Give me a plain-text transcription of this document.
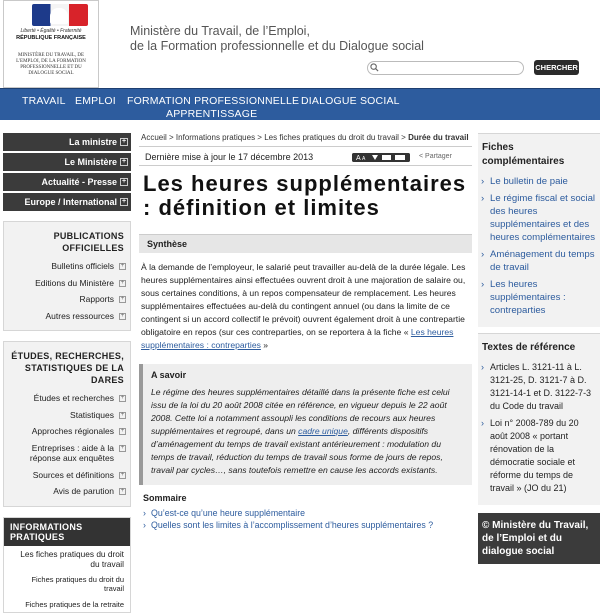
Liberté • Égalité • Fraternité
RÉPUBLIQUE FRANÇAISE
MINISTÈRE DU TRAVAIL, DE L'EMPLOI, DE LA FORMATION PROFESSIONNELLE ET DU DIALOGUE SOCIAL
Ministère du Travail, de l’Emploi,
de la Formation professionnelle et du Dialogue social
CHERCHER
TRAVAIL EMPLOI FORMATION PROFESSIONNELLE DIALOGUE SOCIAL
APPRENTISSAGE
La ministre +
Le Ministère +
Actualité - Presse +
Europe / International +
PUBLICATIONS OFFICIELLES
Bulletins officiels +
Editions du Ministère +
Rapports +
Autres ressources +
ÉTUDES, RECHERCHES, STATISTIQUES DE LA DARES
Études et recherches +
Statistiques +
Approches régionales +
Entreprises : aide à la réponse aux enquêtes
+
Sources et définitions +
Avis de parution +
INFORMATIONS PRATIQUES
Les fiches pratiques du droit du travail
Fiches pratiques du droit du travail
Fiches pratiques de la retraite
Accueil > Informations pratiques > Les fiches pratiques du droit du travail > Durée du travail
Dernière mise à jour le 17 décembre 2013	A A	< Partager
Les heures supplémentaires : définition et limites
Synthèse
À la demande de l’employeur, le salarié peut travailler au-delà de la durée légale. Les heures supplémentaires ainsi effectuées ouvrent droit à une majoration de salaire ou, sous certaines conditions, à un repos compensateur de remplacement. Les heures supplémentaires effectuées au-delà du contingent annuel (ou dans la limite de ce contingent si un accord collectif le prévoit) ouvrent également droit à une contrepartie obligatoire en repos (sur ces contreparties, on se reportera à la fiche « Les heures supplémentaires : contreparties »
A savoir
Le régime des heures supplémentaires détaillé dans la présente fiche est celui issu de la loi du 20 août 2008 citée en référence, en vigueur depuis le 22 août 2008. Cette loi a notamment assoupli les conditions de recours aux heures supplémentaires et regroupé, dans un cadre unique, différents dispositifs d’aménagement du temps de travail existant antérieurement : modulation du temps de travail, réduction du temps de travail sous forme de jours de repos, travail par cycles…, sans toutefois remettre en cause les accords existants.
Sommaire
› Qu’est-ce qu’une heure supplémentaire
› Quelles sont les limites à l’accomplissement d’heures supplémentaires ?
Fiches complémentaires
› Le bulletin de paie
› Le régime fiscal et social des heures supplémentaires et des heures complémentaires
› Aménagement du temps de travail
› Les heures supplémentaires : contreparties
Textes de référence
› Articles L. 3121-11 à L. 3121-25, D. 3121-7 à D. 3121-14-1 et D. 3122-7-3 du Code du travail
› Loi n° 2008-789 du 20 août 2008 « portant rénovation de la démocratie sociale et réforme du temps de travail » (JO du 21)
© Ministère du Travail, de l’Emploi et du dialogue social
